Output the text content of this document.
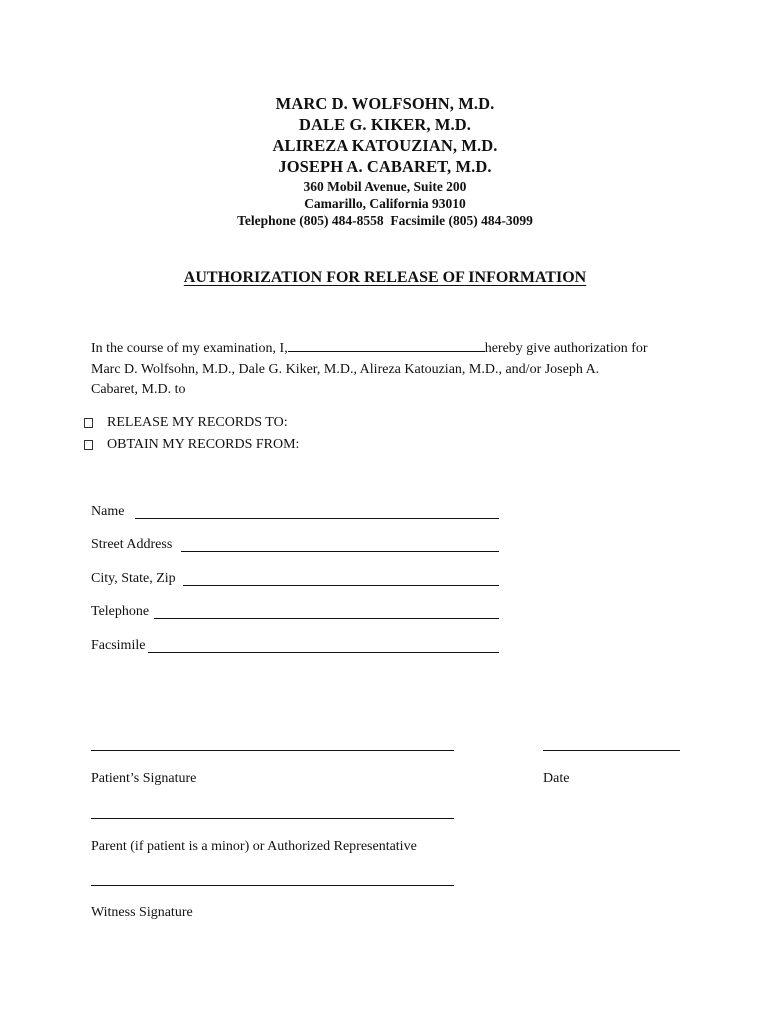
MARC D. WOLFSOHN, M.D.
DALE G. KIKER, M.D.
ALIREZA KATOUZIAN, M.D.
JOSEPH A. CABARET, M.D.
360 Mobil Avenue, Suite 200
Camarillo, California 93010
Telephone (805) 484-8558  Facsimile (805) 484-3099
AUTHORIZATION FOR RELEASE OF INFORMATION
In the course of my examination, I,	hereby give authorization for
Marc D. Wolfsohn, M.D., Dale G. Kiker, M.D., Alireza Katouzian, M.D., and/or Joseph A.
Cabaret, M.D. to
RELEASE MY RECORDS TO:
OBTAIN MY RECORDS FROM:
Name
Street Address
City, State, Zip
Telephone
Facsimile
Patient’s Signature	Date
Parent (if patient is a minor) or Authorized Representative
Witness Signature
